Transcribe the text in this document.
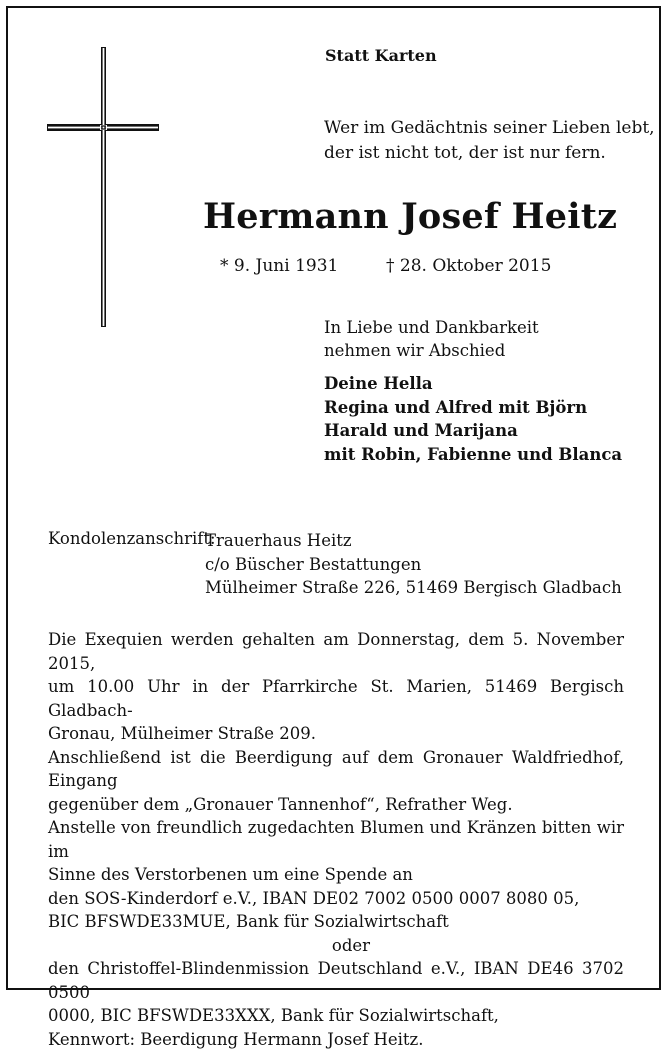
Statt Karten
Wer im Gedächtnis seiner Lieben lebt,
der ist nicht tot, der ist nur fern.
Hermann Josef Heitz
* 9. Juni 1931	† 28. Oktober 2015
In Liebe und Dankbarkeit
nehmen wir Abschied
Deine Hella
Regina und Alfred mit Björn
Harald und Marijana
mit Robin, Fabienne und Blanca
Kondolenzanschrift:
Trauerhaus Heitz
c/o Büscher Bestattungen
Mülheimer Straße 226, 51469 Bergisch Gladbach

Die Exequien werden gehalten am Donnerstag, dem 5. November 2015,

um 10.00 Uhr in der Pfarrkirche St. Marien, 51469 Bergisch Gladbach-

Gronau, Mülheimer Straße 209.

Anschließend ist die Beerdigung auf dem Gronauer Waldfriedhof, Eingang

gegenüber dem „Gronauer Tannenhof“, Refrather Weg.

Anstelle von freundlich zugedachten Blumen und Kränzen bitten wir im

Sinne des Verstorbenen um eine Spende an

den SOS-Kinderdorf e.V., IBAN DE02 7002 0500 0007 8080 05,

BIC BFSWDE33MUE, Bank für Sozialwirtschaft

oder

den Christoffel-Blindenmission Deutschland e.V., IBAN DE46 3702 0500

0000, BIC BFSWDE33XXX, Bank für Sozialwirtschaft,

Kennwort: Beerdigung Hermann Josef Heitz.
